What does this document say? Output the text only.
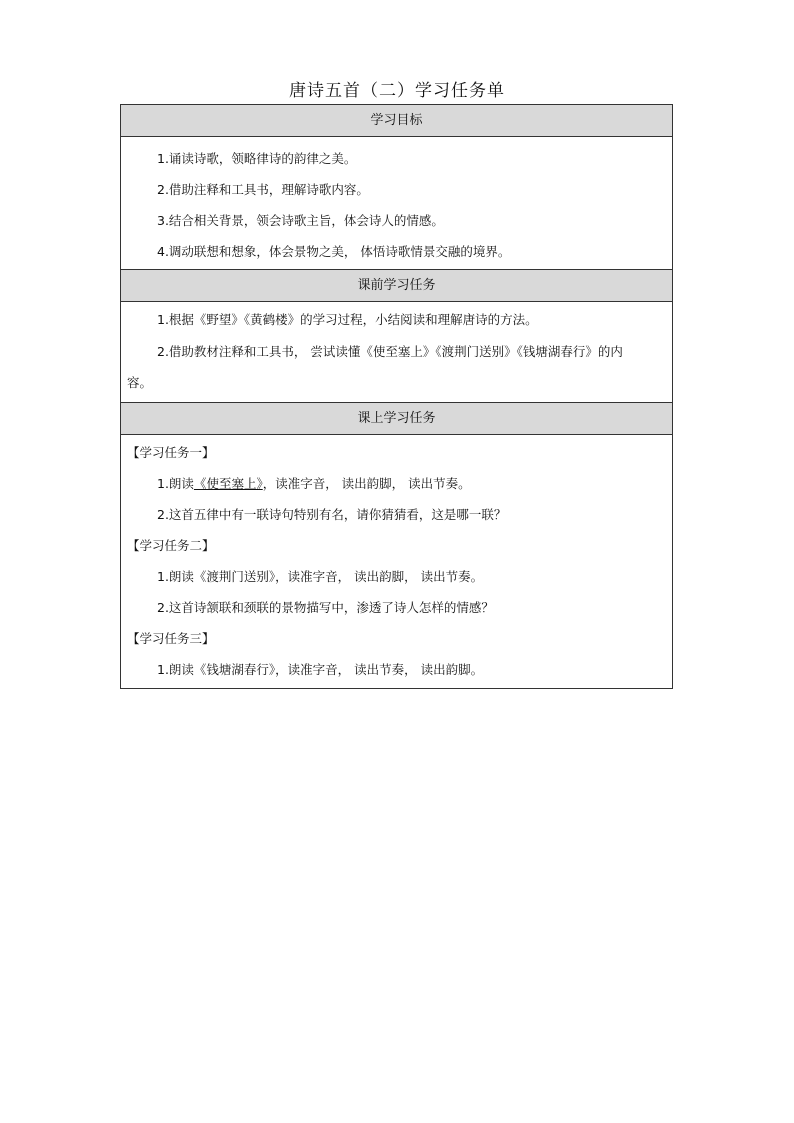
唐诗五首（二）学习任务单
学习目标
1.诵读诗歌，领略律诗的韵律之美。
2.借助注释和工具书，理解诗歌内容。
3.结合相关背景，领会诗歌主旨，体会诗人的情感。
4.调动联想和想象，体会景物之美， 体悟诗歌情景交融的境界。
课前学习任务
1.根据《野望》《黄鹤楼》的学习过程，小结阅读和理解唐诗的方法。
2.借助教材注释和工具书， 尝试读懂《使至塞上》《渡荆门送别》《钱塘湖春行》的内
容。
课上学习任务
【学习任务一】
1.朗读《使至塞上》，读准字音， 读出韵脚， 读出节奏。
2.这首五律中有一联诗句特别有名，请你猜猜看，这是哪一联？
【学习任务二】
1.朗读《渡荆门送别》，读准字音， 读出韵脚， 读出节奏。
2.这首诗颔联和颈联的景物描写中，渗透了诗人怎样的情感？
【学习任务三】
1.朗读《钱塘湖春行》，读准字音， 读出节奏， 读出韵脚。
